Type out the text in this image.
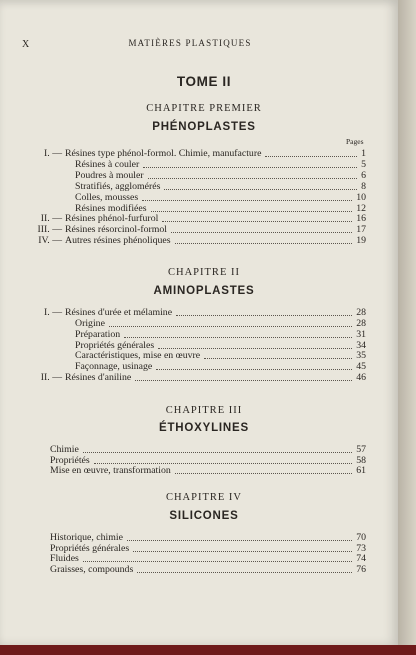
X	MATIÈRES PLASTIQUES
TOME II
CHAPITRE PREMIER
PHÉNOPLASTES
Pages
I. — Résines type phénol-formol. Chimie, manufacture	1
Résines à couler	5
Poudres à mouler	6
Stratifiés, agglomérés	8
Colles, mousses	10
Résines modifiées	12
II. — Résines phénol-furfurol	16
III. — Résines résorcinol-formol	17
IV. — Autres résines phénoliques	19
CHAPITRE II
AMINOPLASTES
I. — Résines d'urée et mélamine	28
Origine	28
Préparation	31
Propriétés générales	34
Caractéristiques, mise en œuvre	35
Façonnage, usinage	45
II. — Résines d'aniline	46
CHAPITRE III
ÉTHOXYLINES
Chimie	57
Propriétés	58
Mise en œuvre, transformation	61
CHAPITRE IV
SILICONES
Historique, chimie	70
Propriétés générales	73
Fluides	74
Graisses, compounds	76
